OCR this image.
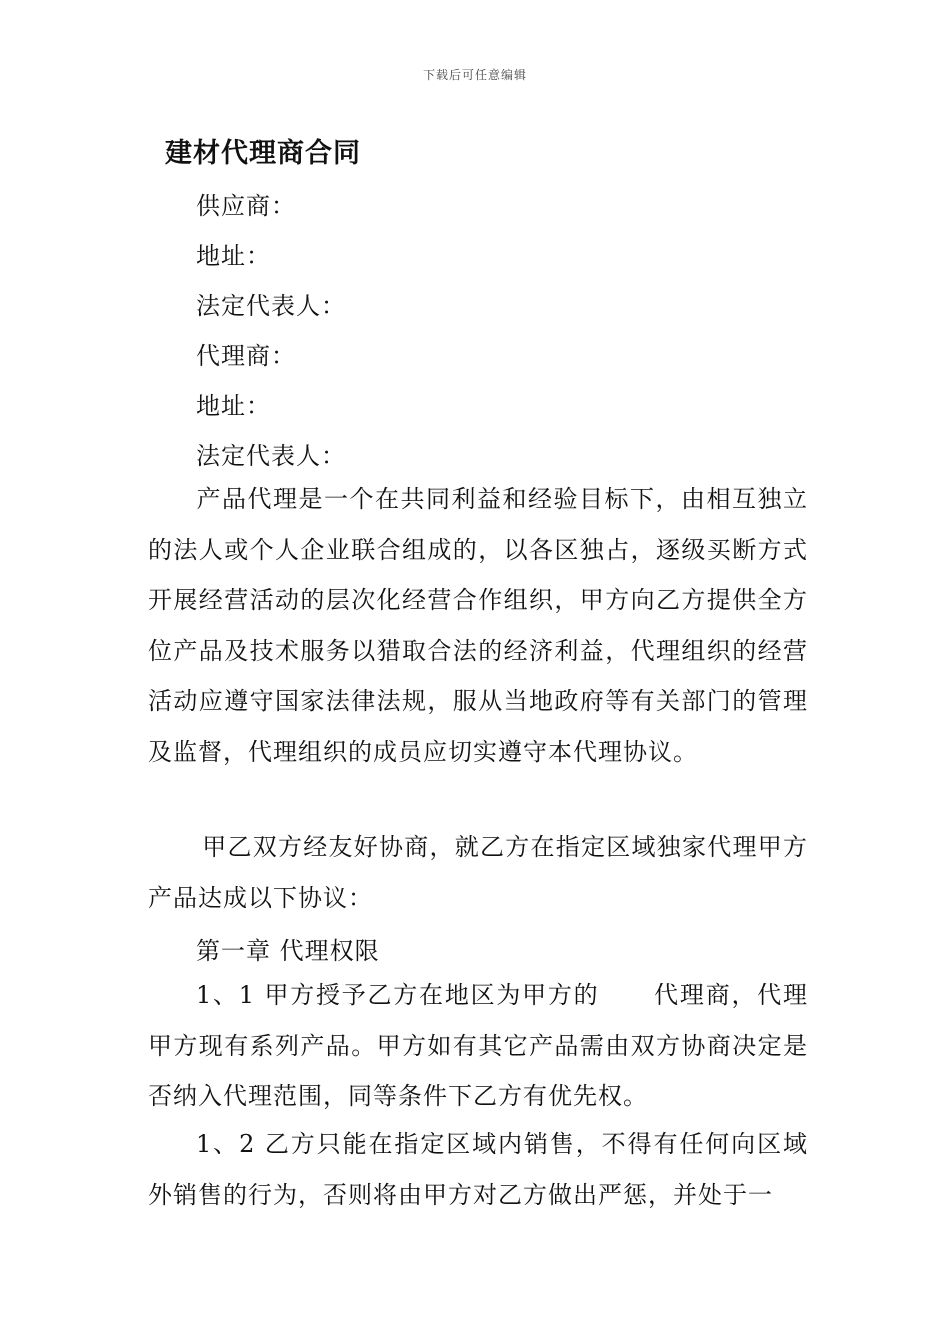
下载后可任意编辑
建材代理商合同
供应商：
地址：
法定代表人：
代理商：
地址：
法定代表人：
产品代理是一个在共同利益和经验目标下，由相互独立的法人或个人企业联合组成的，以各区独占，逐级买断方式开展经营活动的层次化经营合作组织，甲方向乙方提供全方位产品及技术服务以猎取合法的经济利益，代理组织的经营活动应遵守国家法律法规，服从当地政府等有关部门的管理及监督，代理组织的成员应切实遵守本代理协议。
甲乙双方经友好协商，就乙方在指定区域独家代理甲方产品达成以下协议：
第一章 代理权限
1、1 甲方授予乙方在地区为甲方的 代理商，代理甲方现有系列产品。甲方如有其它产品需由双方协商决定是否纳入代理范围，同等条件下乙方有优先权。
1、2 乙方只能在指定区域内销售，不得有任何向区域外销售的行为，否则将由甲方对乙方做出严惩，并处于一
